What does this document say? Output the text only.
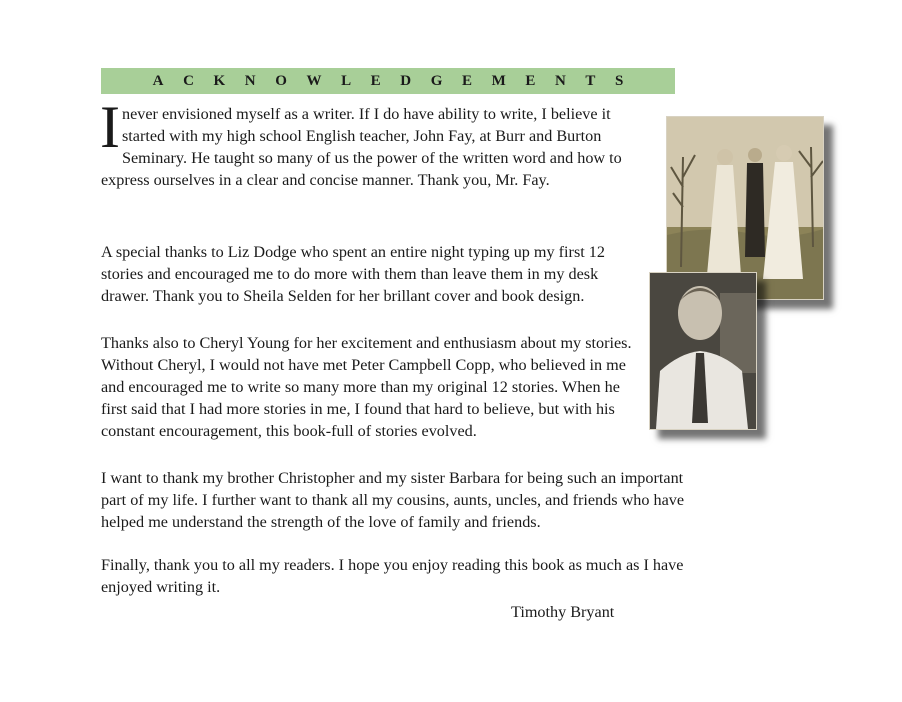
ACKNOWLEDGEMENTS

I never envisioned myself as a writer. If I do have ability to write, I believe it started with my high school English teacher, John Fay, at Burr and Burton Seminary. He taught so many of us the power of the written word and how to express ourselves in a clear and concise manner. Thank you, Mr. Fay.

A special thanks to Liz Dodge who spent an entire night typing up my first 12 stories and encouraged me to do more with them than leave them in my desk drawer. Thank you to Sheila Selden for her brillant cover and book design.

Thanks also to Cheryl Young for her excitement and enthusiasm about my stories. Without Cheryl, I would not have met Peter Campbell Copp, who believed in me and encouraged me to write so many more than my original 12 stories. When he first said that I had more stories in me, I found that hard to believe, but with his constant encouragement, this book-full of stories evolved.

I want to thank my brother Christopher and my sister Barbara for being such an important part of my life. I further want to thank all my cousins, aunts, uncles, and friends who have helped me understand the strength of the love of family and friends.

Finally, thank you to all my readers. I hope you enjoy reading this book as much as I have enjoyed writing it.

Timothy Bryant
